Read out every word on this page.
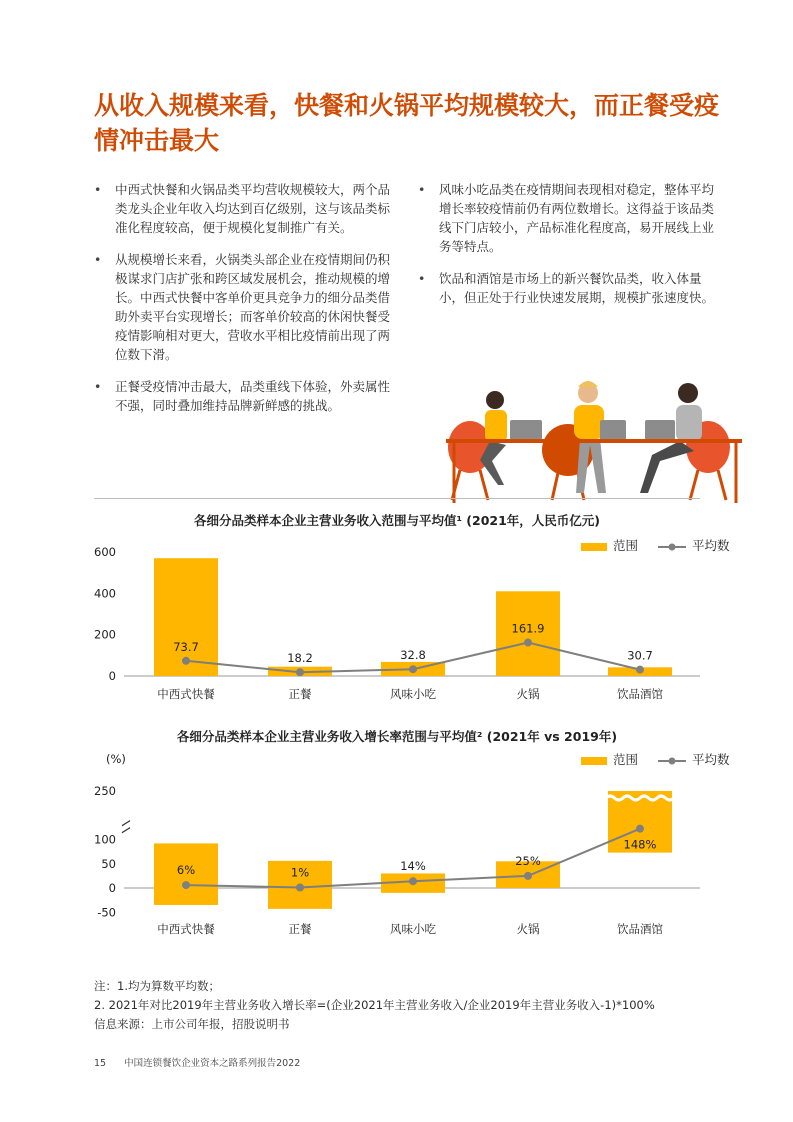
从收入规模来看，快餐和火锅平均规模较大，而正餐受疫情冲击最大
• 中西式快餐和火锅品类平均营收规模较大，两个品类龙头企业年收入均达到百亿级别，这与该品类标准化程度较高，便于规模化复制推广有关。
• 从规模增长来看，火锅类头部企业在疫情期间仍积极谋求门店扩张和跨区域发展机会，推动规模的增长。中西式快餐中客单价更具竞争力的细分品类借助外卖平台实现增长；而客单价较高的休闲快餐受疫情影响相对更大，营收水平相比疫情前出现了两位数下滑。
• 正餐受疫情冲击最大，品类重线下体验，外卖属性不强，同时叠加维持品牌新鲜感的挑战。
• 风味小吃品类在疫情期间表现相对稳定，整体平均增长率较疫情前仍有两位数增长。这得益于该品类线下门店较小，产品标准化程度高，易开展线上业务等特点。
• 饮品和酒馆是市场上的新兴餐饮品类，收入体量小，但正处于行业快速发展期，规模扩张速度快。
各细分品类样本企业主营业务收入范围与平均值¹ (2021年，人民币亿元)
范围	平均数
0
200
400
600
中西式快餐	正餐	风味小吃	火锅	饮品酒馆
73.7
18.2	32.8
161.9
30.7
各细分品类样本企业主营业务收入增长率范围与平均值² (2021年 vs 2019年)
范围	平均数
(%)
-50
0
50
100
250
中西式快餐	正餐	风味小吃	火锅	饮品酒馆
6%	1%	14%	25%
148%
注：1.均为算数平均数；
2. 2021年对比2019年主营业务收入增长率=(企业2021年主营业务收入/企业2019年主营业务收入-1)*100%
信息来源：上市公司年报，招股说明书
15 中国连锁餐饮企业资本之路系列报告2022
